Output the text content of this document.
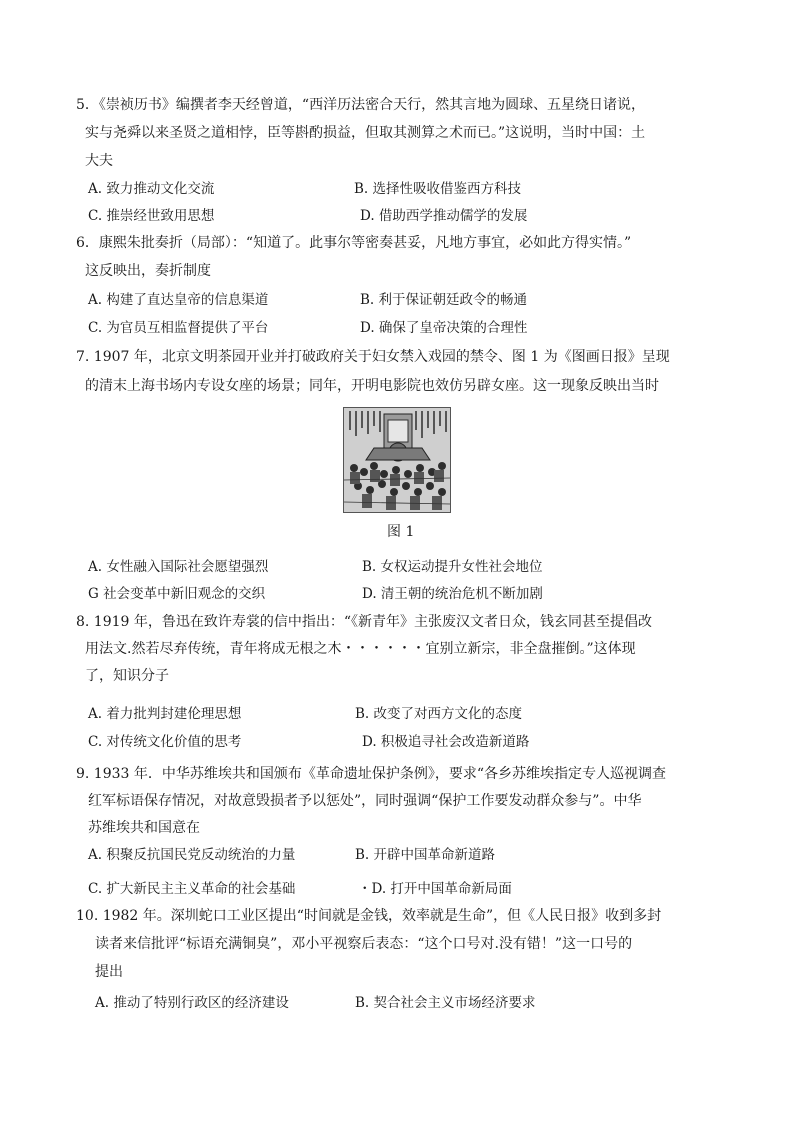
5．《崇祯历书》编撰者李天经曾道，“西洋历法密合天行，然其言地为圆球、五星绕日诸说，
实与尧舜以来圣贤之道相悖，臣等斟酌损益，但取其测算之术而已。”这说明，当时中国：土
大夫
A. 致力推动文化交流	B. 选择性吸收借鉴西方科技
C. 推崇经世致用思想	D. 借助西学推动儒学的发展
6．康熙朱批奏折（局部）：“知道了。此事尔等密奏甚妥，凡地方事宜，必如此方得实情。”
这反映出，奏折制度
A. 构建了直达皇帝的信息渠道	B. 利于保证朝廷政令的畅通
C. 为官员互相监督提供了平台	D. 确保了皇帝决策的合理性
7. 1907 年，北京文明茶园开业并打破政府关于妇女禁入戏园的禁令、图 1 为《图画日报》呈现
的清末上海书场内专设女座的场景；同年，开明电影院也效仿另辟女座。这一现象反映出当时
图 1
A. 女性融入国际社会愿望强烈	B. 女权运动提升女性社会地位
G 社会变革中新旧观念的交织	D. 清王朝的统治危机不断加剧
8. 1919 年，鲁迅在致许寿裳的信中指出：“《新青年》主张废汉文者日众，钱玄同甚至提倡改
用法文.然若尽弃传统，青年将成无根之木・・・・・・宜别立新宗，非全盘摧倒。”这体现
了，知识分子
A. 着力批判封建伦理思想	B. 改变了对西方文化的态度
C. 对传统文化价值的思考	D. 积极追寻社会改造新道路
9. 1933 年．中华苏维埃共和国颁布《革命遗址保护条例》，要求“各乡苏维埃指定专人巡视调查
红军标语保存情况，对故意毁损者予以惩处”，同时强调“保护工作要发动群众参与”。中华
苏维埃共和国意在
A. 积聚反抗国民党反动统治的力量	B. 开辟中国革命新道路
C. 扩大新民主主义革命的社会基础	・D. 打开中国革命新局面
10. 1982 年。深圳蛇口工业区提出“时间就是金钱，效率就是生命”，但《人民日报》收到多封
读者来信批评“标语充满铜臭”，邓小平视察后表态：“这个口号对.没有错！”这一口号的
提出
A. 推动了特别行政区的经济建设	B. 契合社会主义市场经济要求
